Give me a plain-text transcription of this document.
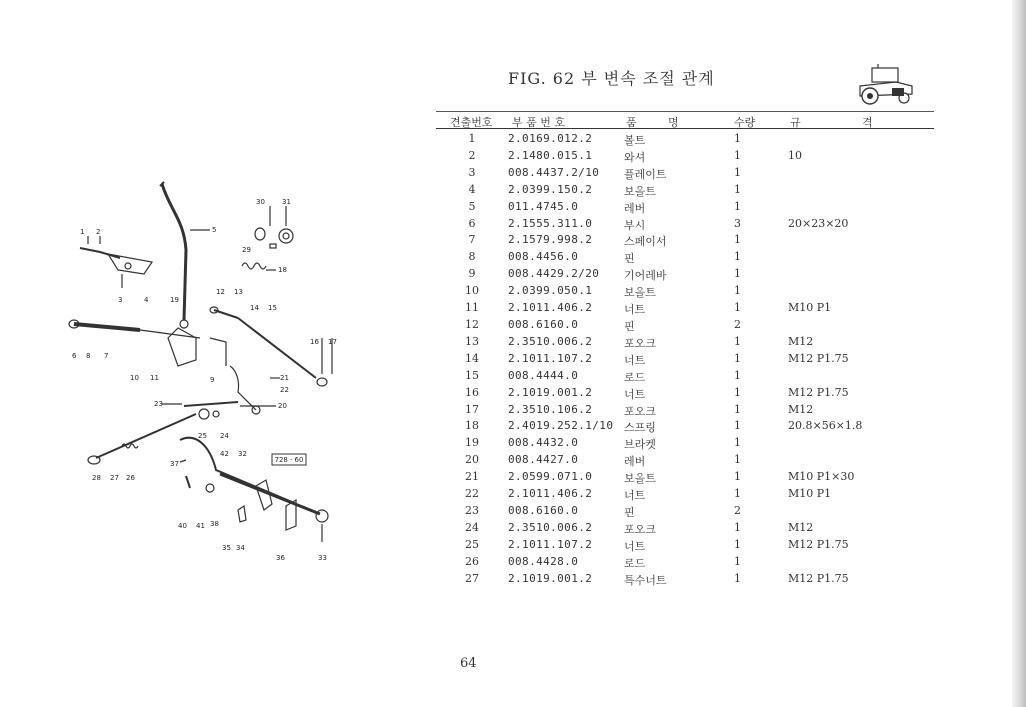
FIG. 62 부 변속 조절 관계
견출번호 부 품 번 호	품	명	수량	규	격
1	2.0169.012.2	볼트	1
2	2.1480.015.1	와셔	1	10
3	008.4437.2/10 플레이트	1
4	2.0399.150.2	보올트	1
5	011.4745.0	레버	1
6	2.1555.311.0	부시	3	20×23×20
7	2.1579.998.2	스페이서	1
8	008.4456.0	핀	1
9	008.4429.2/20 기어레바	1
10	2.0399.050.1	보올트	1
11	2.1011.406.2	너트	1	M10 P1
12	008.6160.0	핀	2
13	2.3510.006.2	포오크	1	M12
14	2.1011.107.2	너트	1	M12 P1.75
15	008.4444.0	로드	1
16	2.1019.001.2	너트	1	M12 P1.75
17	2.3510.106.2	포오크	1	M12
18	2.4019.252.1/10 스프링	1	20.8×56×1.8
19	008.4432.0	브라켓	1
20	008.4427.0	레버	1
21	2.0599.071.0	보올트	1	M10 P1×30
22	2.1011.406.2	너트	1	M10 P1
23	008.6160.0	핀	2
24	2.3510.006.2	포오크	1	M12
25	2.1011.107.2	너트	1	M12 P1.75
26	008.4428.0	로드	1
27	2.1019.001.2	특수너트	1	M12 P1.75
1 2
3	4
5
6	7
8
9
10 11
12 13
14 15
16 17
18
19
20
21
22
23
24
25
26
27
28
29
30 31
32
33
34
35
36
37
38
40 41
42
728 · 60
64
